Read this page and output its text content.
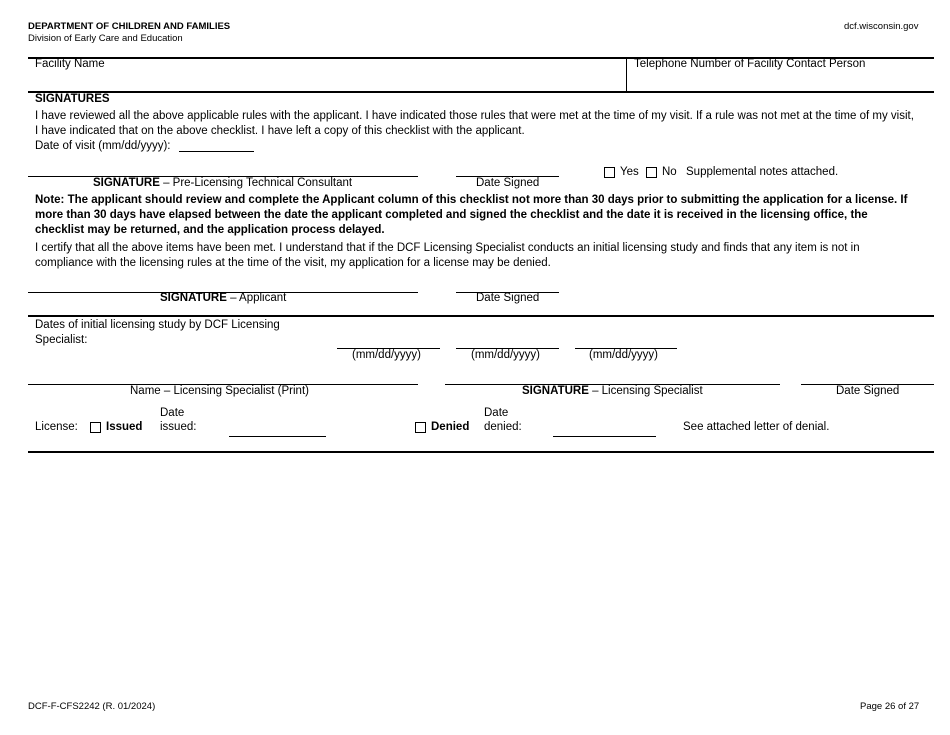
DEPARTMENT OF CHILDREN AND FAMILIES
Division of Early Care and Education
dcf.wisconsin.gov
Facility Name	Telephone Number of Facility Contact Person
SIGNATURES
I have reviewed all the above applicable rules with the applicant. I have indicated those rules that were met at the time of my visit. If a rule was not met at the time of my visit, I have indicated that on the above checklist. I have left a copy of this checklist with the applicant.
Date of visit (mm/dd/yyyy):
SIGNATURE – Pre-Licensing Technical Consultant	Date Signed
Yes No Supplemental notes attached.
Note: The applicant should review and complete the Applicant column of this checklist not more than 30 days prior to submitting the application for a license. If more than 30 days have elapsed between the date the applicant completed and signed the checklist and the date it is received in the licensing office, the checklist may be returned, and the application process delayed.
I certify that all the above items have been met. I understand that if the DCF Licensing Specialist conducts an initial licensing study and finds that any item is not in compliance with the licensing rules at the time of the visit, my application for a license may be denied.
SIGNATURE – Applicant	Date Signed
Dates of initial licensing study by DCF Licensing
Specialist:
(mm/dd/yyyy)	(mm/dd/yyyy)	(mm/dd/yyyy)
Name – Licensing Specialist (Print)	SIGNATURE – Licensing Specialist	Date Signed
License: Issued
Date
issued:	Denied
Date
denied:	See attached letter of denial.
DCF-F-CFS2242 (R. 01/2024)	Page 26 of 27
